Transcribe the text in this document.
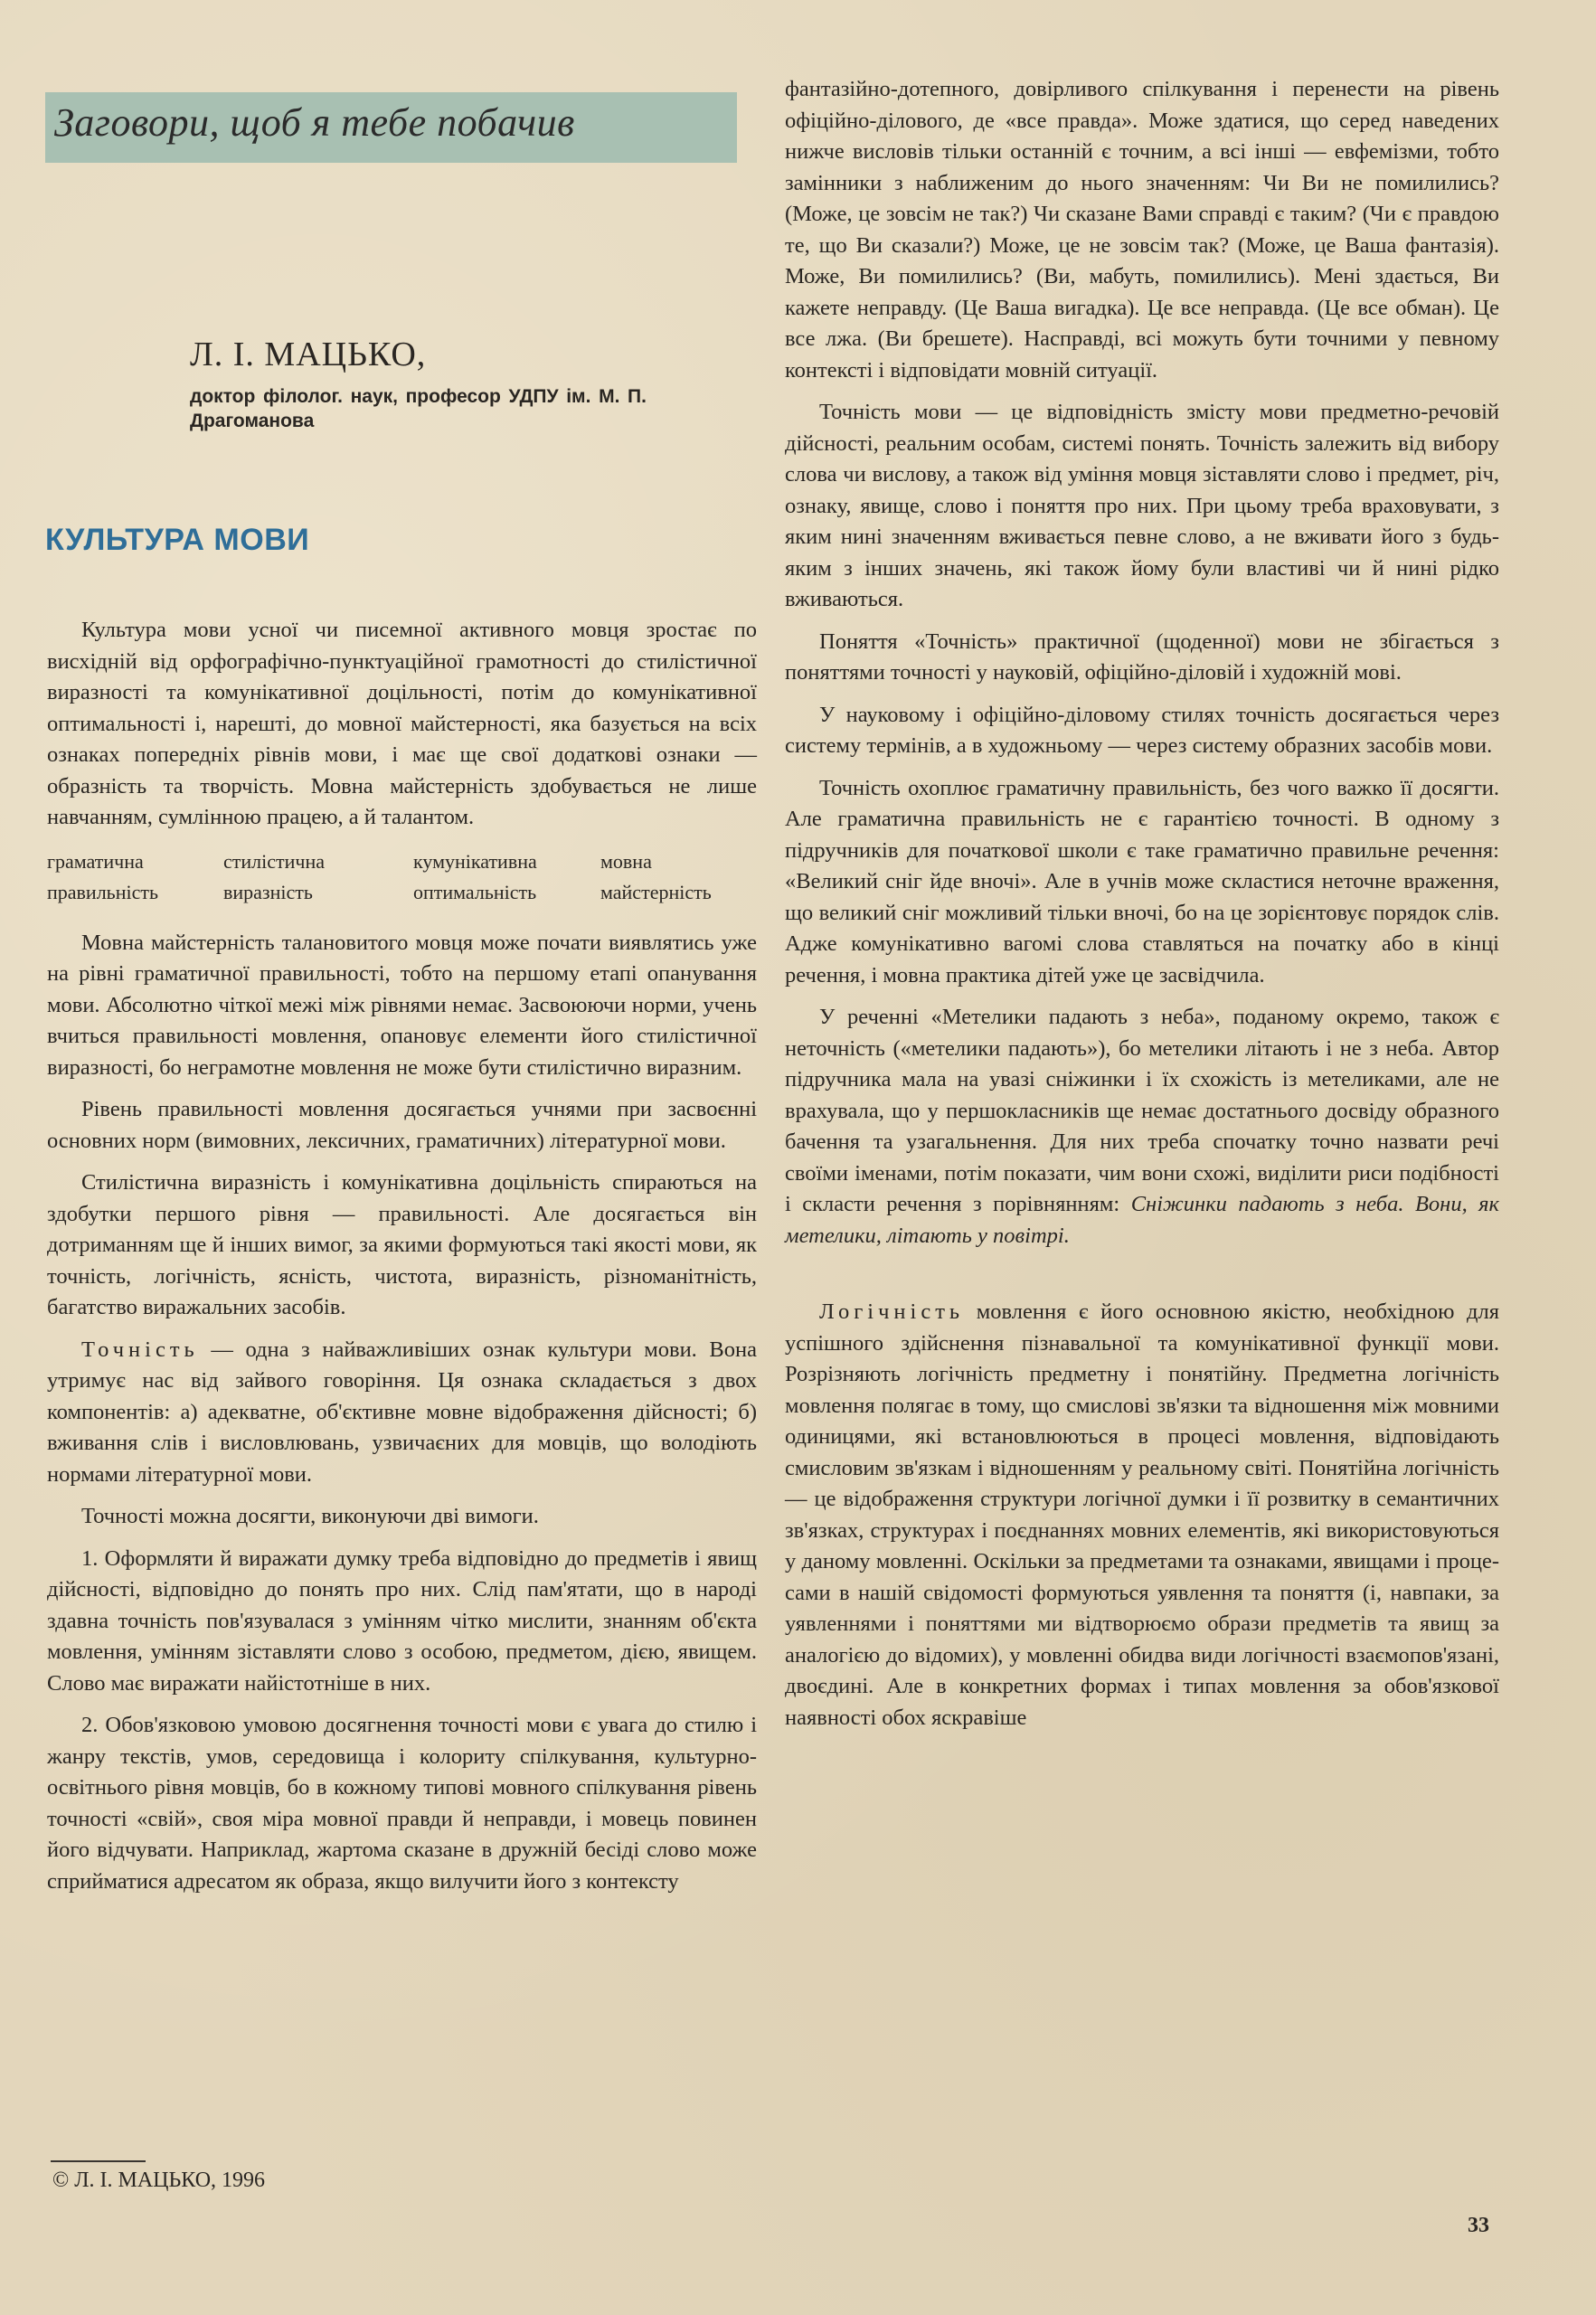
Заговори, щоб я тебе побачив
Л. І. МАЦЬКО,
доктор філолог. наук, професор УДПУ ім. М. П. Драгоманова
КУЛЬТУРА МОВИ

Культура мови усної чи писемної активного мовця зростає по висхідній від орфографічно-пунктуаційної грамотності до стилістичної виразності та комунікативної доцільності, потім до комунікативної оптимальності і, нарешті, до мовної майстерності, яка базується на всіх ознаках попередніх рівнів мови, і має ще свої додаткові ознаки — образність та творчість. Мовна майстерність здобувається не лише навчанням, сумлінною працею, а й талантом.

граматична	стилістична	кумунікативна	мовна
правильність	виразність	оптимальність	майстерність

Мовна майстерність талановитого мовця може почати виявлятись уже на рівні граматичної правильності, тобто на першому етапі опанування мови. Абсолютно чіткої межі між рівнями немає. Засвоюючи норми, учень вчиться правильності мовлення, опановує елементи його стилістичної виразності, бо неграмотне мовлення не може бути стилістично виразним.

Рівень правильності мовлення досягається учнями при засвоєнні основних норм (вимовних, лексичних, граматичних) літературної мови.

Стилістична виразність і комунікативна доцільність спираються на здобутки першого рівня — правильності. Але досягається він дотриманням ще й інших вимог, за якими формуються такі якості мови, як точність, логічність, ясність, чистота, виразність, різноманітність, багатство виражальних засобів.

Точність — одна з найважливіших ознак культури мови. Вона утримує нас від зайвого говоріння. Ця ознака складається з двох компонентів: а) адекватне, об'єктивне мовне відображення дійсності; б) вживання слів і висловлювань, узвичаєних для мовців, що володіють нормами літературної мови.

Точності можна досягти, виконуючи дві вимоги.

1. Оформляти й виражати думку треба відповідно до предметів і явищ дійсності, відповідно до понять про них. Слід пам'ятати, що в народі здавна точність пов'язувалася з умінням чітко мислити, знанням об'єкта мовлення, умінням зіставляти слово з особою, предметом, дією, явищем. Слово має виражати найістотніше в них.

2. Обов'язковою умовою досягнення точності мови є увага до стилю і жанру текстів, умов, середовища і колориту спілкування, культурно-освітнього рівня мовців, бо в кожному типові мовного спілкування рівень точності «свій», своя міра мовної правди й неправди, і мовець повинен його відчувати. Наприклад, жартома сказане в дружній бесіді слово може сприйматися адресатом як образа, якщо вилучити його з контексту

фантазійно-дотепного, довірливого спілкування і перенести на рівень офіційно-ділового, де «все правда». Може здатися, що серед наведених нижче висловів тільки останній є точним, а всі інші — евфемізми, тобто замінники з наближеним до нього значенням: Чи Ви не помилились? (Може, це зовсім не так?) Чи сказане Вами справді є таким? (Чи є правдою те, що Ви сказали?) Може, це не зовсім так? (Може, це Ваша фантазія). Може, Ви помилились? (Ви, мабуть, помилились). Мені здається, Ви кажете неправду. (Це Ваша вигадка). Це все неправда. (Це все обман). Це все лжа. (Ви брешете). Насправді, всі можуть бути точними у певному контексті і відповідати мовній ситуації.

Точність мови — це відповідність змісту мови предметно-речовій дійсності, реальним особам, системі понять. Точність залежить від вибору слова чи вислову, а також від уміння мовця зіставляти слово і предмет, річ, ознаку, явище, слово і поняття про них. При цьому треба враховувати, з яким нині значенням вживається певне слово, а не вживати його з будь-яким з інших значень, які також йому були властиві чи й нині рідко вживаються.

Поняття «Точність» практичної (щоденної) мови не збігається з поняттями точності у науковій, офіційно-діловій і художній мові.

У науковому і офіційно-діловому стилях точність досягається через систему термінів, а в художньому — через систему образних засобів мови.

Точність охоплює граматичну правильність, без чого важко її досягти. Але граматична правильність не є гарантією точності. В одному з підручників для початкової школи є таке граматично правильне речення: «Великий сніг йде вночі». Але в учнів може скластися неточне враження, що великий сніг можливий тільки вночі, бо на це зорієнтовує порядок слів. Адже комунікативно вагомі слова ставляться на початку або в кінці речення, і мовна практика дітей уже це засвідчила.

У реченні «Метелики падають з неба», поданому окремо, також є неточність («метелики падають»), бо метелики літають і не з неба. Автор підручника мала на увазі сніжинки і їх схожість із метеликами, але не врахувала, що у першокласників ще немає достатнього досвіду образного бачення та узагальнення. Для них треба спочатку точно назвати речі своїми іменами, потім показати, чим вони схожі, виділити риси подібності і скласти речення з порівнянням: Сніжинки падають з неба. Вони, як метелики, літають у повітрі.

Логічність мовлення є його основною якістю, необхідною для успішного здійснення пізнавальної та комунікативної функції мови. Розрізняють логічність предметну і понятійну. Предметна логічність мовлення полягає в тому, що смислові зв'язки та відношення між мовними одиницями, які встановлюються в процесі мовлення, відповідають смисловим зв'язкам і відношенням у реальному світі. Понятійна логічність — це відображення структури логічної думки і її розвитку в семантичних зв'язках, структурах і поєднаннях мовних елементів, які використовуються у даному мовленні. Оскільки за предметами та ознаками, явищами і процесами в нашій свідомості формуються уявлення та поняття (і, навпаки, за уявленнями і поняттями ми відтворюємо образи предметів та явищ за аналогією до відомих), у мовленні обидва види логічності взаємопов'язані, двоєдині. Але в конкретних формах і типах мовлення за обов'язкової наявності обох яскравіше

© Л. І. МАЦЬКО, 1996
33
